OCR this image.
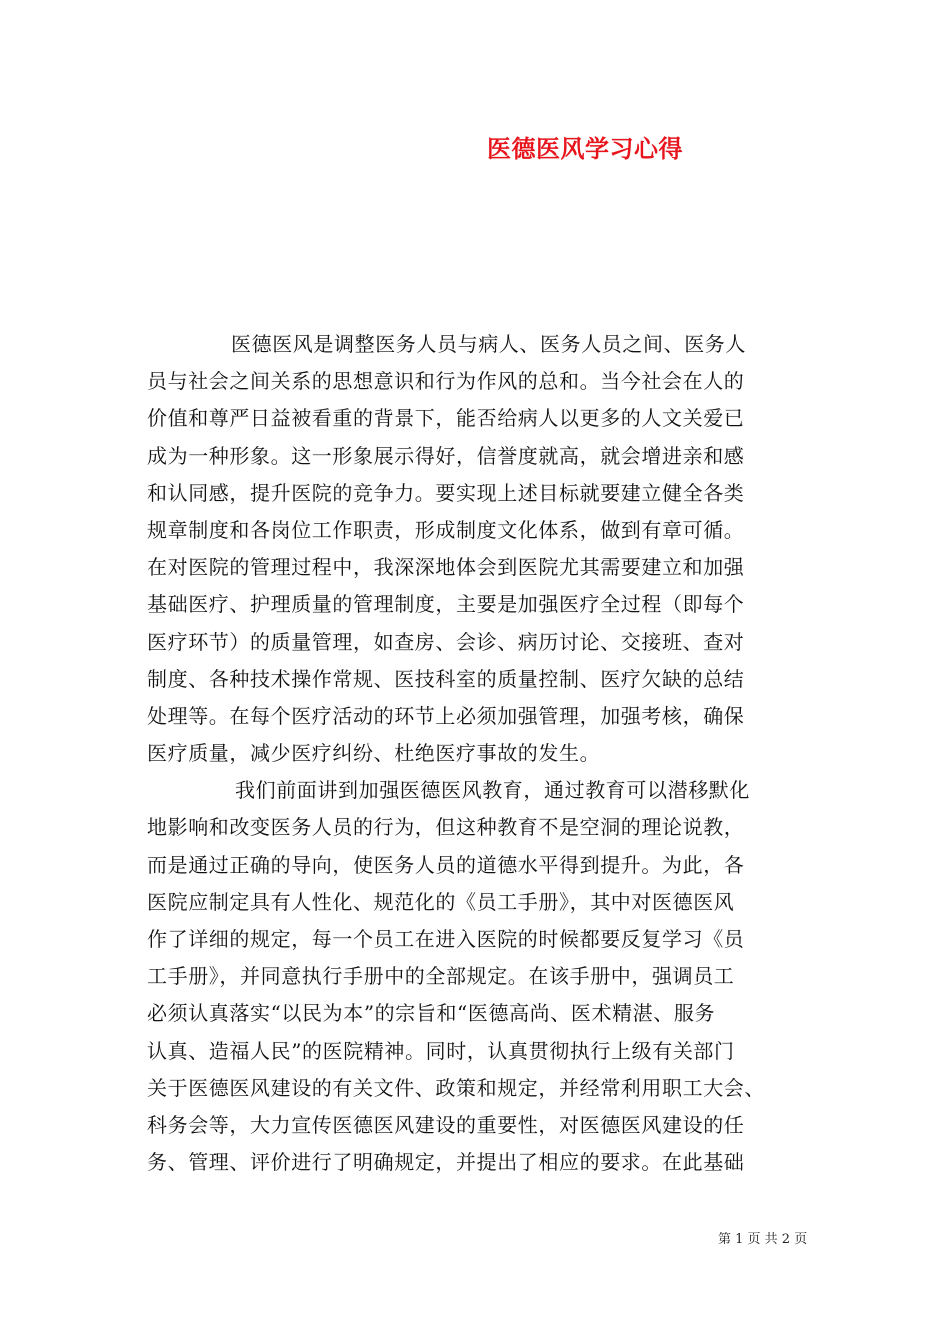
医德医风学习心得
医德医风是调整医务人员与病人、医务人员之间、医务人
员与社会之间关系的思想意识和行为作风的总和。当今社会在人的
价值和尊严日益被看重的背景下，能否给病人以更多的人文关爱已
成为一种形象。这一形象展示得好，信誉度就高，就会增进亲和感
和认同感，提升医院的竞争力。要实现上述目标就要建立健全各类
规章制度和各岗位工作职责，形成制度文化体系，做到有章可循。
在对医院的管理过程中，我深深地体会到医院尤其需要建立和加强
基础医疗、护理质量的管理制度，主要是加强医疗全过程（即每个
医疗环节）的质量管理，如查房、会诊、病历讨论、交接班、查对
制度、各种技术操作常规、医技科室的质量控制、医疗欠缺的总结
处理等。在每个医疗活动的环节上必须加强管理，加强考核，确保
医疗质量，减少医疗纠纷、杜绝医疗事故的发生。
我们前面讲到加强医德医风教育，通过教育可以潜移默化
地影响和改变医务人员的行为，但这种教育不是空洞的理论说教，
而是通过正确的导向，使医务人员的道德水平得到提升。为此，各
医院应制定具有人性化、规范化的《员工手册》，其中对医德医风
作了详细的规定，每一个员工在进入医院的时候都要反复学习《员
工手册》，并同意执行手册中的全部规定。在该手册中，强调员工
必须认真落实“以民为本”的宗旨和“医德高尚、医术精湛、服务
认真、造福人民”的医院精神。同时，认真贯彻执行上级有关部门
关于医德医风建设的有关文件、政策和规定，并经常利用职工大会、
科务会等，大力宣传医德医风建设的重要性，对医德医风建设的任
务、管理、评价进行了明确规定，并提出了相应的要求。在此基础
第 1 页 共 2 页
